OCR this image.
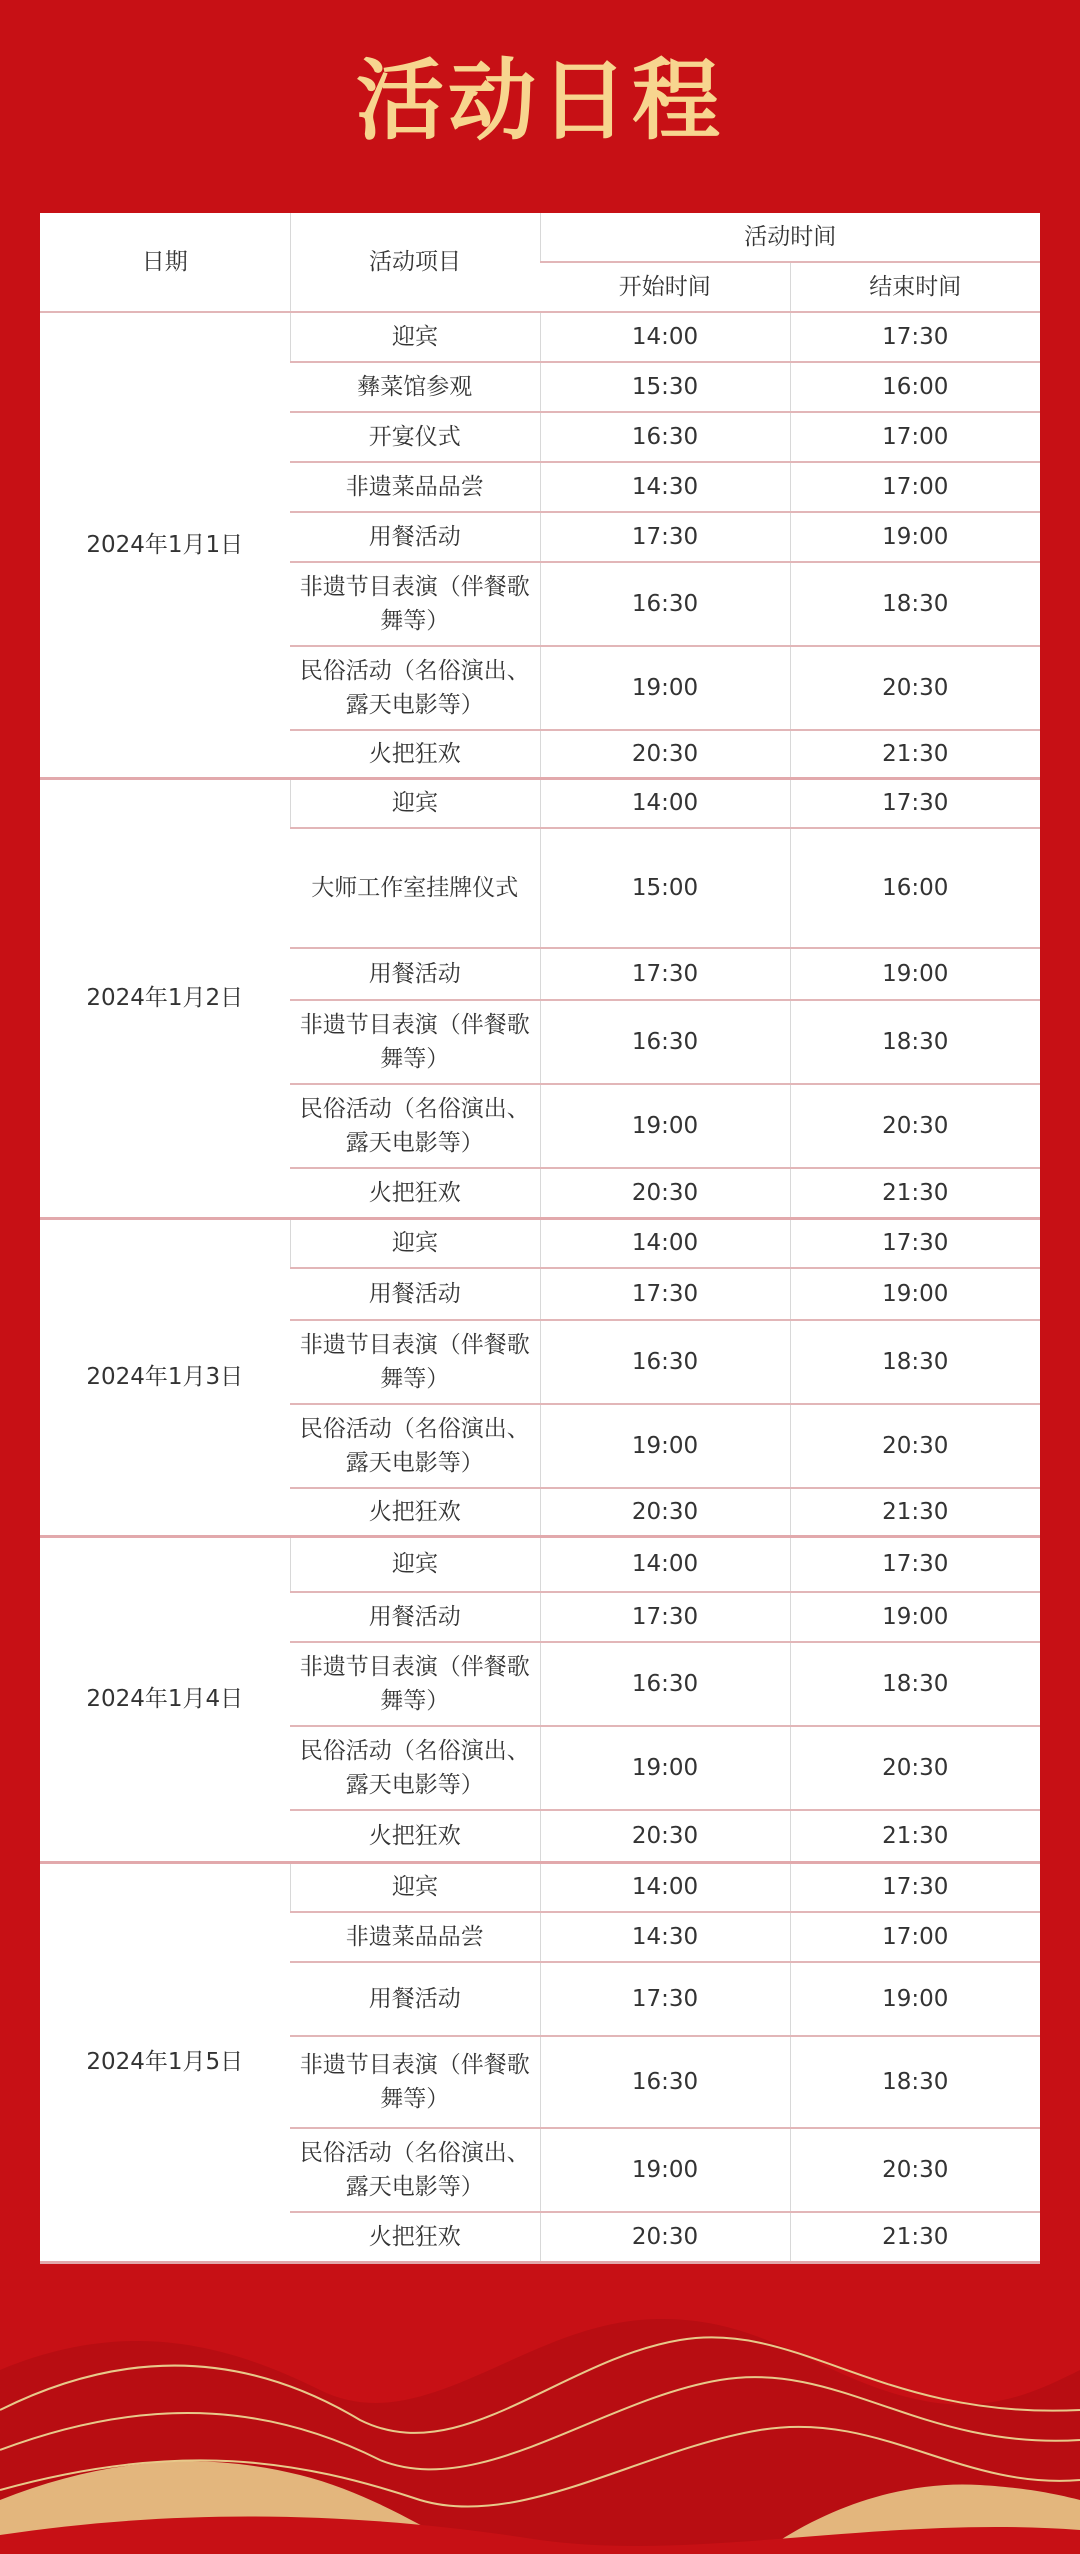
活动日程
日期	活动项目	活动时间	
		开始时间	结束时间
2024年1月1日	迎宾	14:00	17:30
	彝菜馆参观	15:30	16:00
	开宴仪式	16:30	17:00
	非遗菜品品尝	14:30	17:00
	用餐活动	17:30	19:00
	非遗节目表演（伴餐歌舞等）	16:30	18:30
	民俗活动（名俗演出、露天电影等）	19:00	20:30
	火把狂欢	20:30	21:30
2024年1月2日	迎宾	14:00	17:30
	大师工作室挂牌仪式	15:00	16:00
	用餐活动	17:30	19:00
	非遗节目表演（伴餐歌舞等）	16:30	18:30
	民俗活动（名俗演出、露天电影等）	19:00	20:30
	火把狂欢	20:30	21:30
2024年1月3日	迎宾	14:00	17:30
	用餐活动	17:30	19:00
	非遗节目表演（伴餐歌舞等）	16:30	18:30
	民俗活动（名俗演出、露天电影等）	19:00	20:30
	火把狂欢	20:30	21:30
2024年1月4日	迎宾	14:00	17:30
	用餐活动	17:30	19:00
	非遗节目表演（伴餐歌舞等）	16:30	18:30
	民俗活动（名俗演出、露天电影等）	19:00	20:30
	火把狂欢	20:30	21:30
2024年1月5日	迎宾	14:00	17:30
	非遗菜品品尝	14:30	17:00
	用餐活动	17:30	19:00
	非遗节目表演（伴餐歌舞等）	16:30	18:30
	民俗活动（名俗演出、露天电影等）	19:00	20:30
	火把狂欢	20:30	21:30
